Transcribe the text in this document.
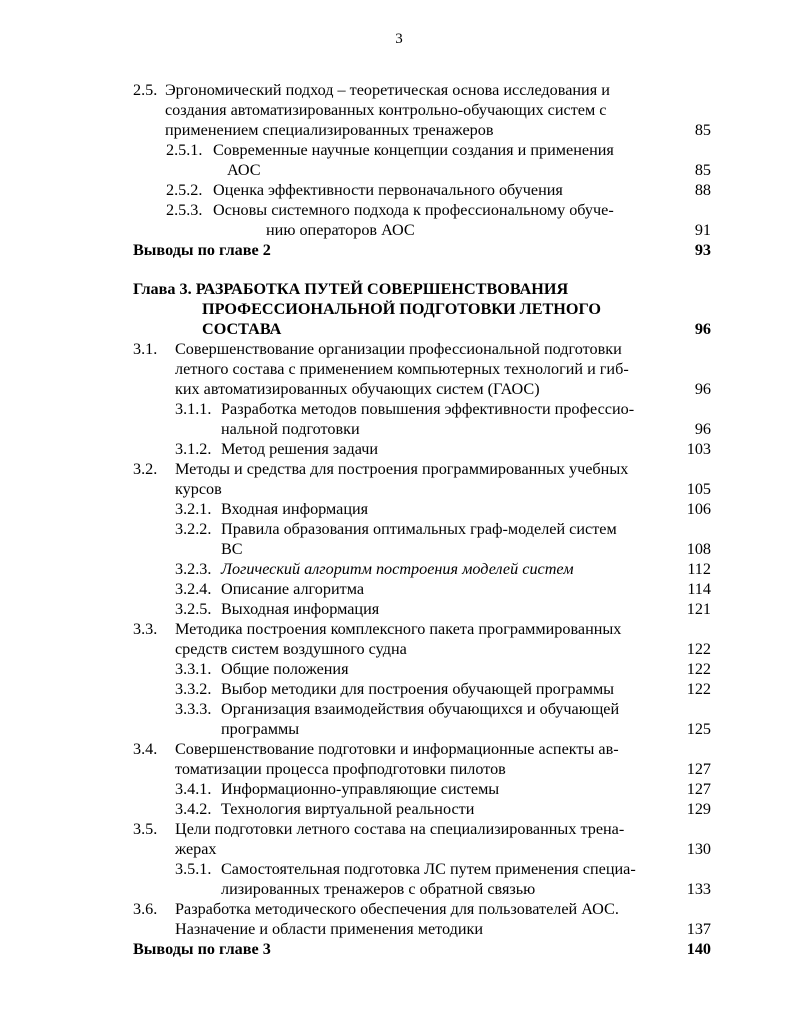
3
2.5. Эргономический подход – теоретическая основа исследования и
создания автоматизированных контрольно-обучающих систем с
применением специализированных тренажеров	85
2.5.1. Современные научные концепции создания и применения
АОС	85
2.5.2. Оценка эффективности первоначального обучения	88
2.5.3. Основы системного подхода к профессиональному обуче-
нию операторов АОС	91
Выводы по главе 2	93
Глава 3. РАЗРАБОТКА ПУТЕЙ СОВЕРШЕНСТВОВАНИЯ
ПРОФЕССИОНАЛЬНОЙ ПОДГОТОВКИ ЛЕТНОГО
СОСТАВА	96
3.1.	Совершенствование организации профессиональной подготовки
летного состава с применением компьютерных технологий и гиб-
ких автоматизированных обучающих систем (ГАОС)	96
3.1.1. Разработка методов повышения эффективности профессио-
нальной подготовки	96
3.1.2. Метод решения задачи	103
3.2.	Методы и средства для построения программированных учебных
курсов	105
3.2.1. Входная информация	106
3.2.2. Правила образования оптимальных граф-моделей систем
ВС	108
3.2.3. Логический алгоритм построения моделей систем	112
3.2.4. Описание алгоритма	114
3.2.5. Выходная информация	121
3.3.	Методика построения комплексного пакета программированных
средств систем воздушного судна	122
3.3.1. Общие положения	122
3.3.2. Выбор методики для построения обучающей программы	122
3.3.3. Организация взаимодействия обучающихся и обучающей
программы	125
3.4.	Совершенствование подготовки и информационные аспекты ав-
томатизации процесса профподготовки пилотов	127
3.4.1. Информационно-управляющие системы	127
3.4.2. Технология виртуальной реальности	129
3.5.	Цели подготовки летного состава на специализированных трена-
жерах	130
3.5.1. Самостоятельная подготовка ЛС путем применения специа-
лизированных тренажеров с обратной связью	133
3.6.	Разработка методического обеспечения для пользователей АОС.
Назначение и области применения методики	137
Выводы по главе 3	140
